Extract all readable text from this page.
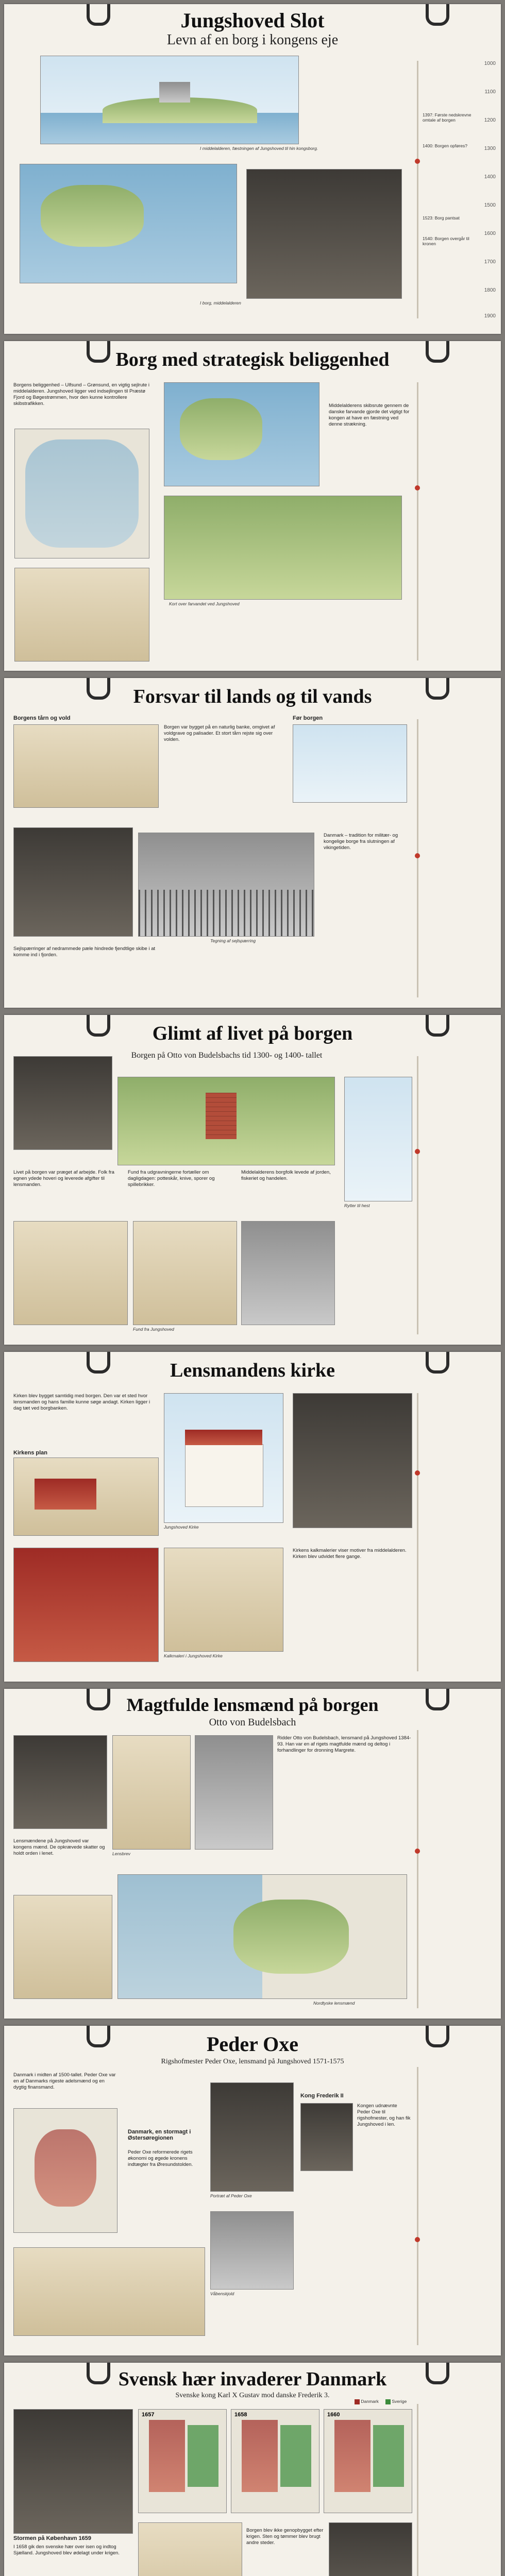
Jungshoved Slot
Levn af en borg i kongens eje
I middelalderen, fæstningen af Jungshoved til hin kongsborg.
I borg, middelalderen
1000
1100
1200
1300
1400
1500
1600
1700
1800
1900
1397: Første nedskrevne omtale af borgen
1400: Borgen opføres?
1523: Borg pantsat
1540: Borgen overgår til kronen
Borg med strategisk beliggenhed
Borgens beliggenhed – Ulfsund – Grønsund, en vigtig sejlrute i middelalderen. Jungshoved ligger ved indsejlingen til Præstø Fjord og Bøgestrømmen, hvor den kunne kontrollere skibstrafikken.	Middelalderens skibsrute gennem de danske farvande gjorde det vigtigt for kongen at have en fæstning ved denne strækning.
Kort over farvandet ved Jungshoved
Forsvar til lands og til vands
Borgens tårn og vold
Borgen var bygget på en naturlig banke, omgivet af voldgrave og palisader. Et stort tårn rejste sig over volden.
Før borgen
Sejlspærringer af nedrammede pæle hindrede fjendtlige skibe i at komme ind i fjorden.
Danmark – tradition for militær- og kongelige borge fra slutningen af vikingetiden.
Tegning af sejlspærring
Glimt af livet på borgen
Borgen på Otto von Budelsbachs tid 1300- og 1400- tallet
Rytter til hest
Livet på borgen var præget af arbejde. Folk fra egnen ydede hoveri og leverede afgifter til lensmanden.
Fund fra udgravningerne fortæller om dagligdagen: potteskår, knive, sporer og spillebrikker.
Middelalderens borgfolk levede af jorden, fiskeriet og handelen.
Fund fra Jungshoved
Lensmandens kirke
Kirken blev bygget samtidig med borgen. Den var et sted hvor lensmanden og hans familie kunne søge andagt. Kirken ligger i dag tæt ved borgbanken.
Kirkens plan
Jungshoved Kirke
Kalkmaleri i Jungshoved Kirke
Kirkens kalkmalerier viser motiver fra middelalderen. Kirken blev udvidet flere gange.
Magtfulde lensmænd på borgen
Otto von Budelsbach
Ridder Otto von Budelsbach, lensmand på Jungshoved 1384-93. Han var en af rigets magtfulde mænd og deltog i forhandlinger for dronning Margrete.
Lensmændene på Jungshoved var kongens mænd. De opkrævede skatter og holdt orden i lenet.	Lensbrev
Nordtyske lensmænd
Peder Oxe
Rigshofmester Peder Oxe, lensmand på Jungshoved 1571-1575
Danmark i midten af 1500-tallet. Peder Oxe var en af Danmarks rigeste adelsmænd og en dygtig finansmand.
Danmark, en stormagt i Østersøregionen
Peder Oxe reformerede rigets økonomi og øgede kronens indtægter fra Øresundstolden.
Portræt af Peder Oxe
Kong Frederik II
Kongen udnævnte Peder Oxe til rigshofmester, og han fik Jungshoved i len.
Våbenskjold
Svensk hær invaderer Danmark
Svenske kong Karl X Gustav mod danske Frederik 3.
Stormen på København 1659
I 1658 gik den svenske hær over isen og indtog Sjælland. Jungshoved blev ødelagt under krigen.
1657	1658	1660
Danmark	Sverige
Borgen blev ikke genopbygget efter krigen. Sten og tømmer blev brugt andre steder.
